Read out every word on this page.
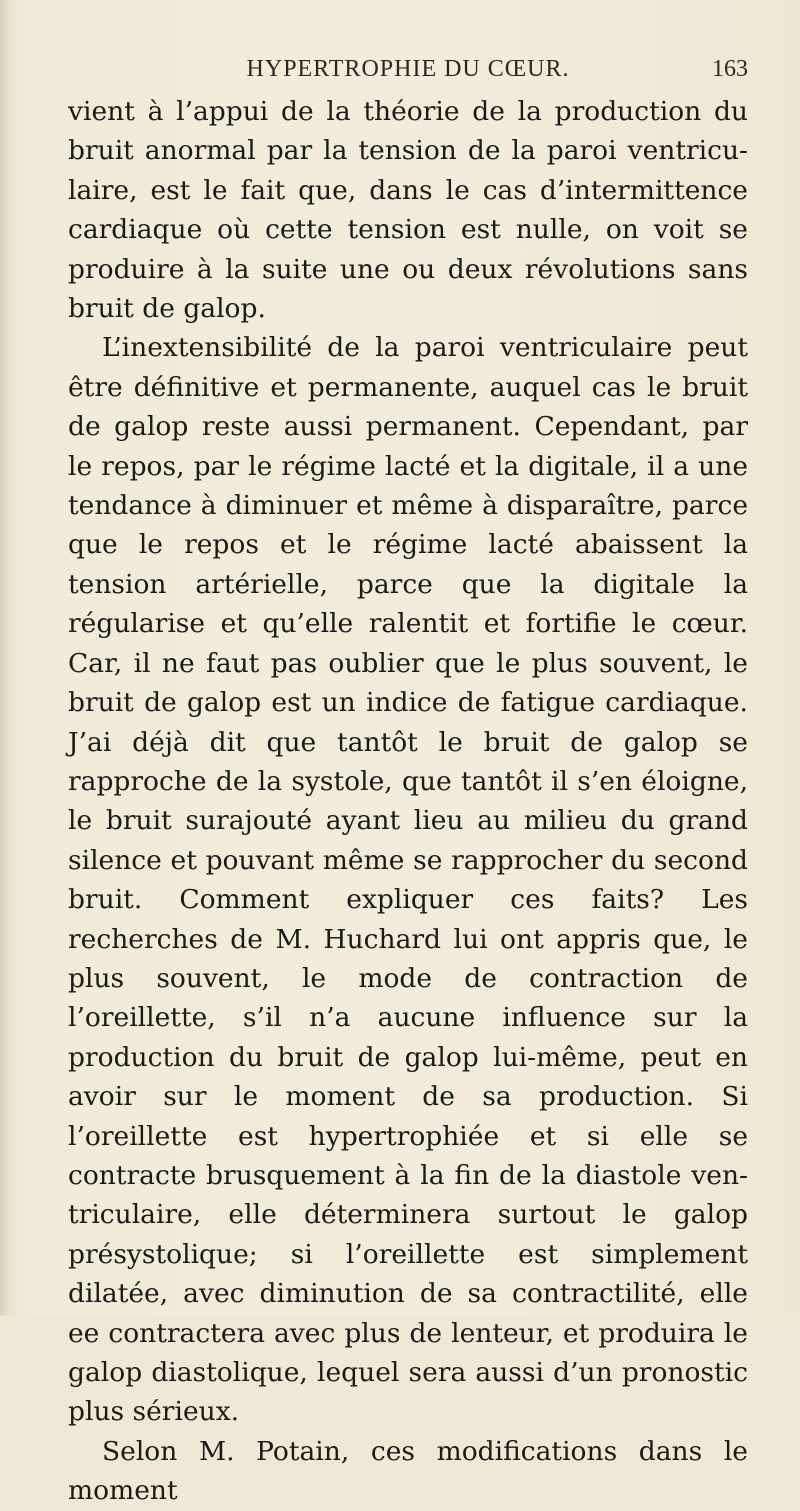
HYPERTROPHIE DU CŒUR.	163

vient à l’appui de la théorie de la production du bruit anormal par la tension de la paroi ventriculaire, est le fait que, dans le cas d’intermittence cardiaque où cette tension est nulle, on voit se produire à la suite une ou deux révolutions sans bruit de galop.

L’inextensibilité de la paroi ventriculaire peut être définitive et permanente, auquel cas le bruit de galop reste aussi permanent. Cependant, par le repos, par le régime lacté et la digitale, il a une tendance à diminuer et même à disparaître, parce que le repos et le régime lacté abaissent la tension artérielle, parce que la digitale la régularise et qu’elle ralentit et fortifie le cœur. Car, il ne faut pas oublier que le plus souvent, le bruit de galop est un indice de fatigue cardiaque. J’ai déjà dit que tantôt le bruit de galop se rapproche de la systole, que tantôt il s’en éloigne, le bruit surajouté ayant lieu au milieu du grand silence et pouvant même se rapprocher du second bruit. Comment expliquer ces faits? Les recherches de M. Huchard lui ont appris que, le plus souvent, le mode de contraction de l’oreillette, s’il n’a aucune influence sur la production du bruit de galop lui-même, peut en avoir sur le moment de sa production. Si l’oreillette est hypertrophiée et si elle se contracte brusquement à la fin de la diastole ventriculaire, elle déterminera surtout le galop présystolique; si l’oreillette est simplement dilatée, avec diminution de sa contractilité, elle ee contractera avec plus de lenteur, et produira le galop diastolique, lequel sera aussi d’un pronostic plus sérieux.

Selon M. Potain, ces modifications dans le moment
